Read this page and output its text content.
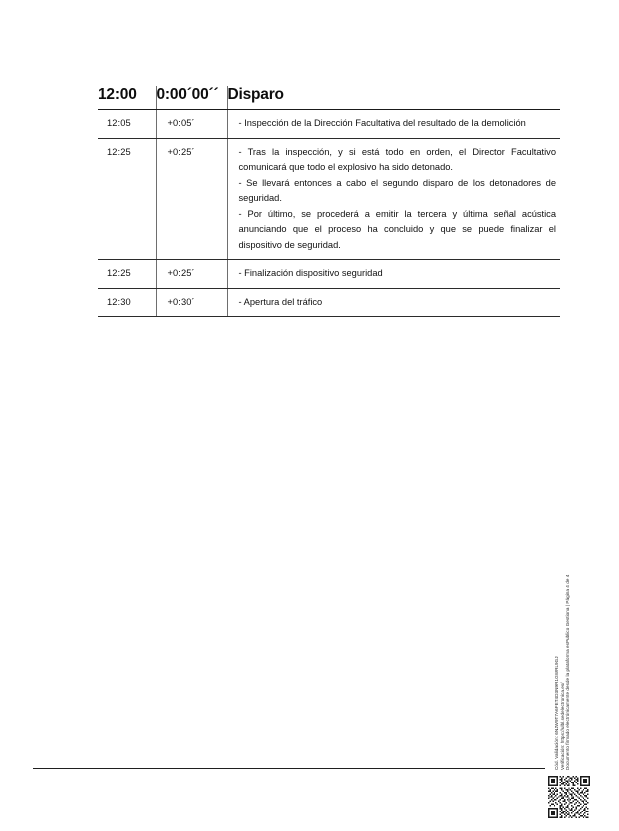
12:00	0:00´00´´	Disparo
12:05	+0:05´	- Inspección de la Dirección Facultativa del resultado de la demolición

12:25	+0:25´	- Tras la inspección, y si está todo en orden, el Director Facultativo comunicará que todo el explosivo ha sido detonado.

- Se llevará entonces a cabo el segundo disparo de los detonadores de seguridad.

- Por último, se procederá a emitir la tercera y última señal acústica anunciando que el proceso ha concluido y que se puede finalizar el dispositivo de seguridad.

12:25	+0:25´	- Finalización dispositivo seguridad

12:30	+0:30´	- Apertura del tráfico

Cód. Validación: 6NJW9T7A6FET4D3N9R1GWRL9GJ Verificación: https://ulbl.sedelectronica.es/ Documento firmado electrónicamente desde la plataforma esPublico Gestiona | Página 4 de 4
